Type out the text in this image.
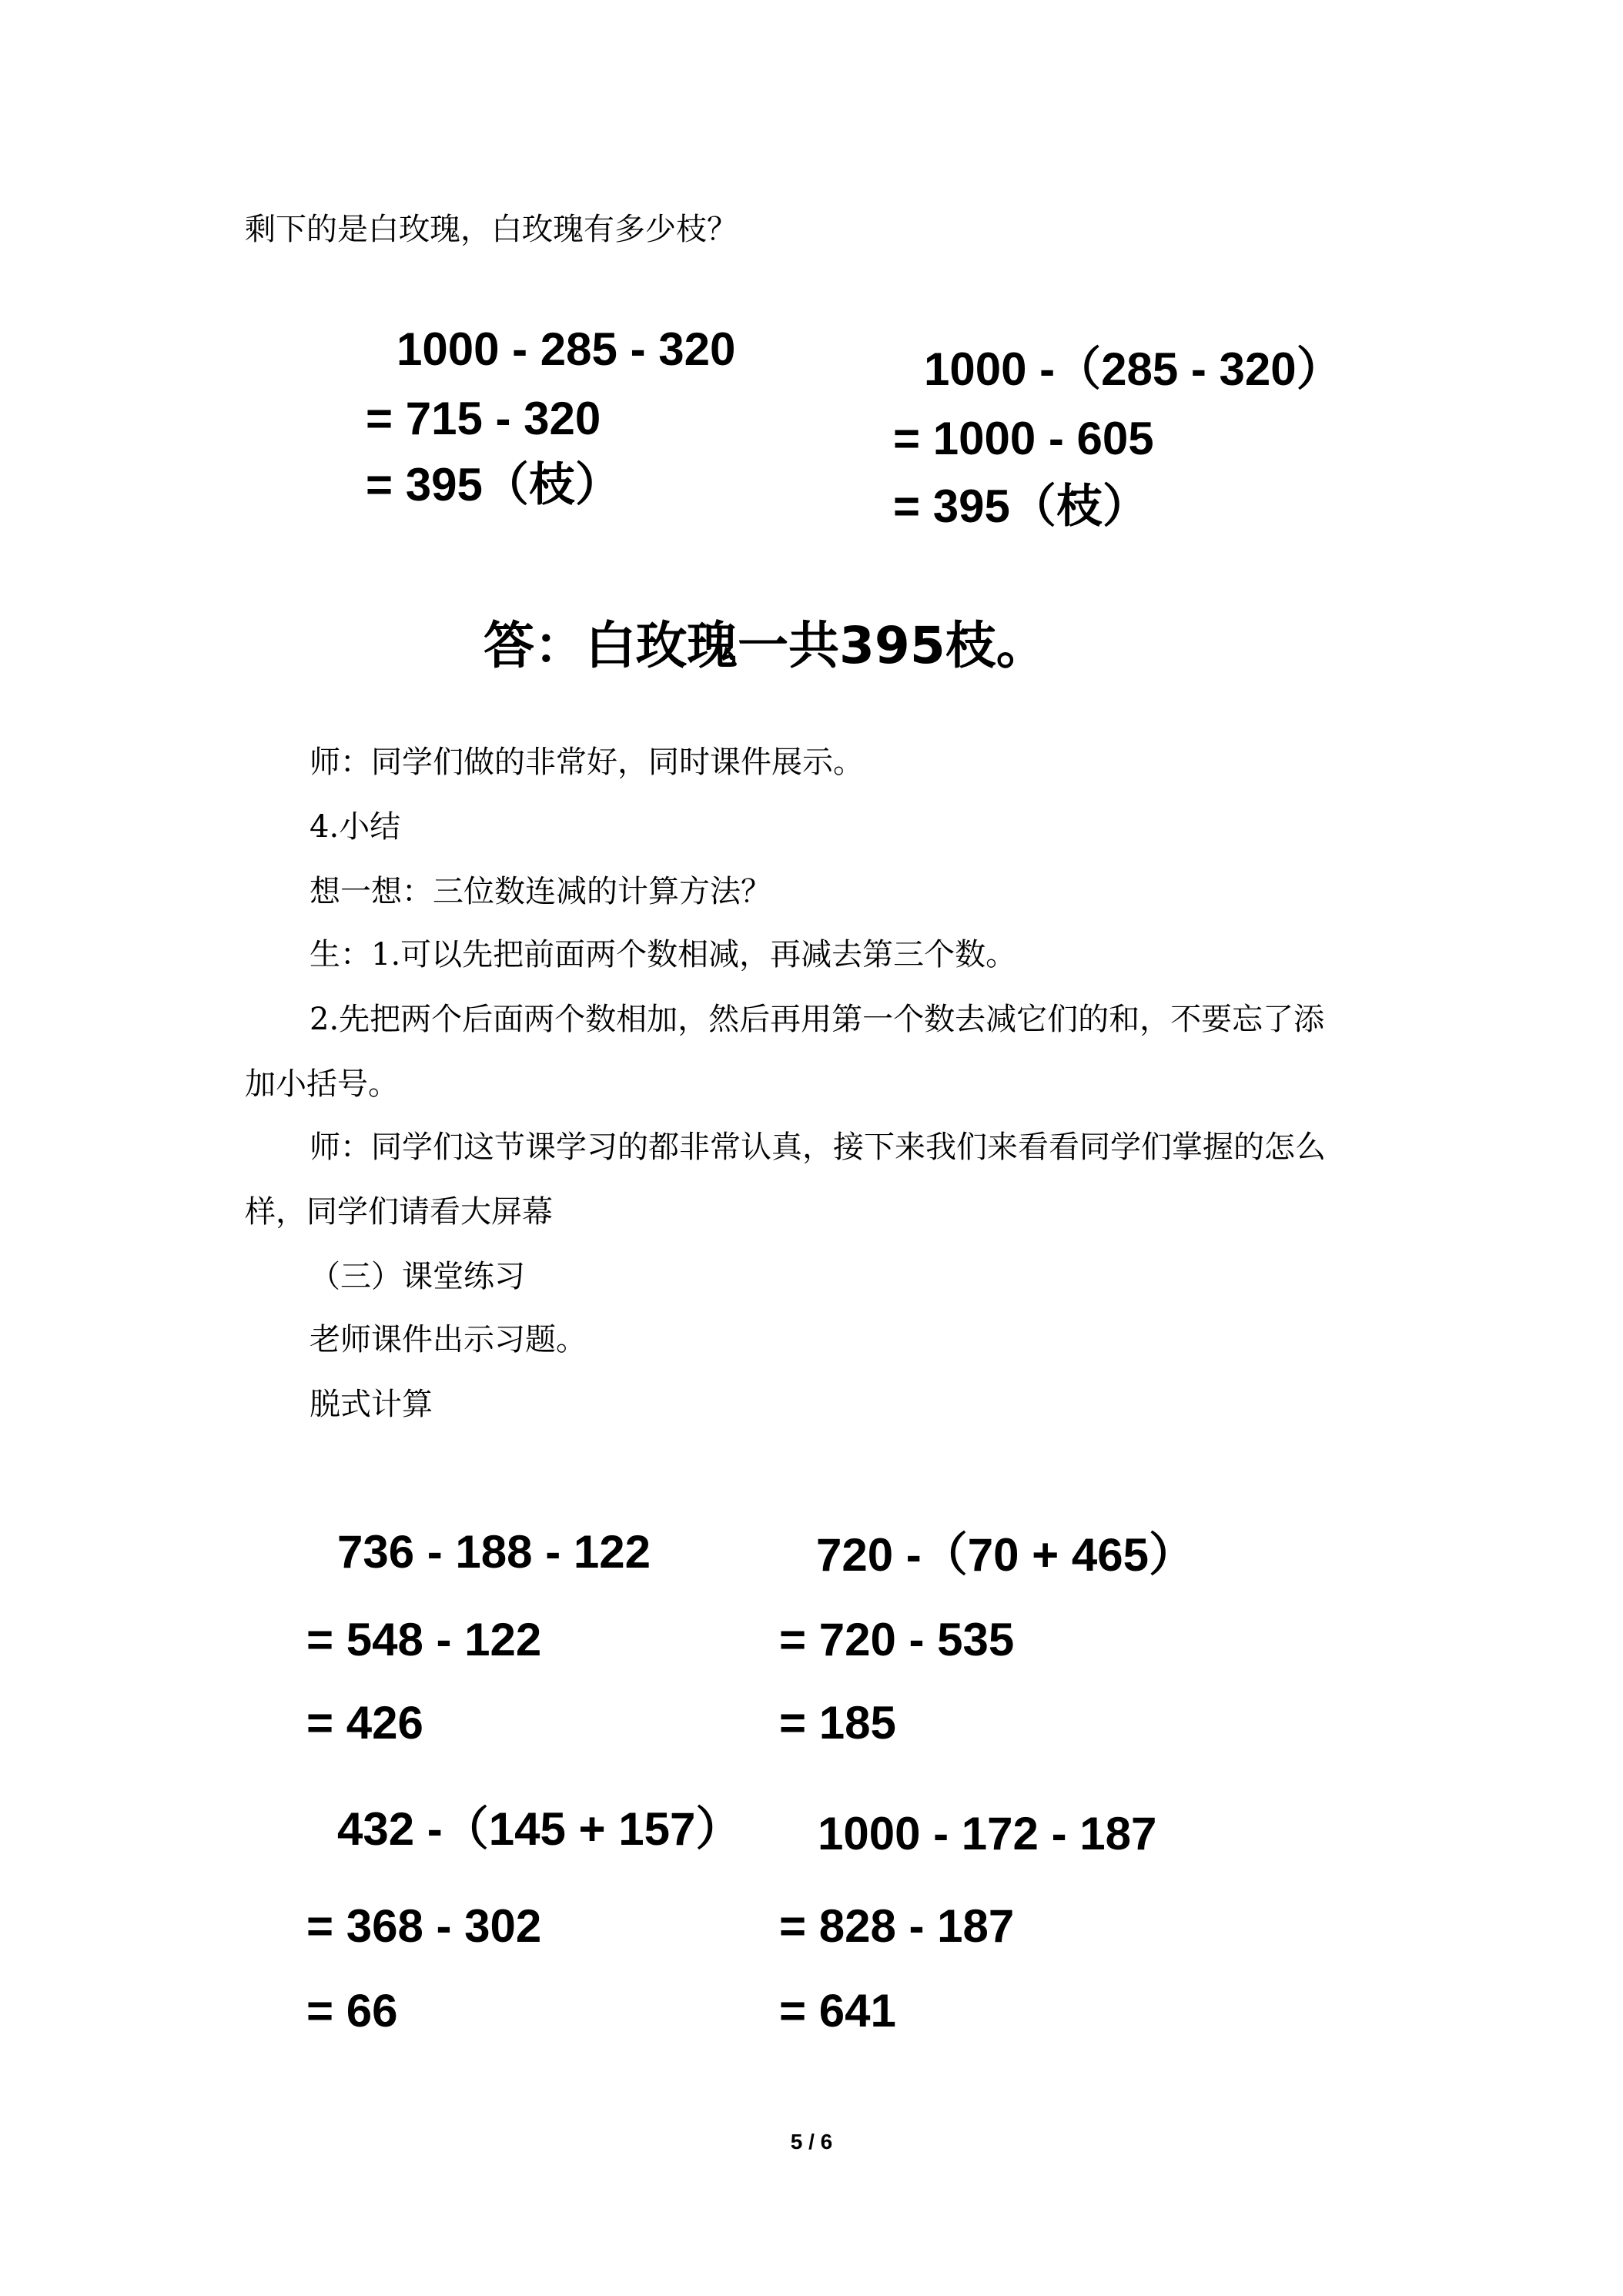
剩下的是白玫瑰，白玫瑰有多少枝？
1000 - 285 - 320
= 715 - 320
= 395（枝）
1000 -（285 - 320）
= 1000 - 605
= 395（枝）
答：白玫瑰一共395枝。
师：同学们做的非常好，同时课件展示。
4.小结
想一想：三位数连减的计算方法？
生：1.可以先把前面两个数相减，再减去第三个数。
2.先把两个后面两个数相加，然后再用第一个数去减它们的和，不要忘了添
加小括号。
师：同学们这节课学习的都非常认真，接下来我们来看看同学们掌握的怎么
样，同学们请看大屏幕
（三）课堂练习
老师课件出示习题。
脱式计算
736 - 188 - 122
= 548 - 122
= 426
720 -（70 + 465）
= 720 - 535
= 185
432 -（145 + 157）
= 368 - 302
= 66
1000 - 172 - 187
= 828 - 187
= 641
5 / 6
